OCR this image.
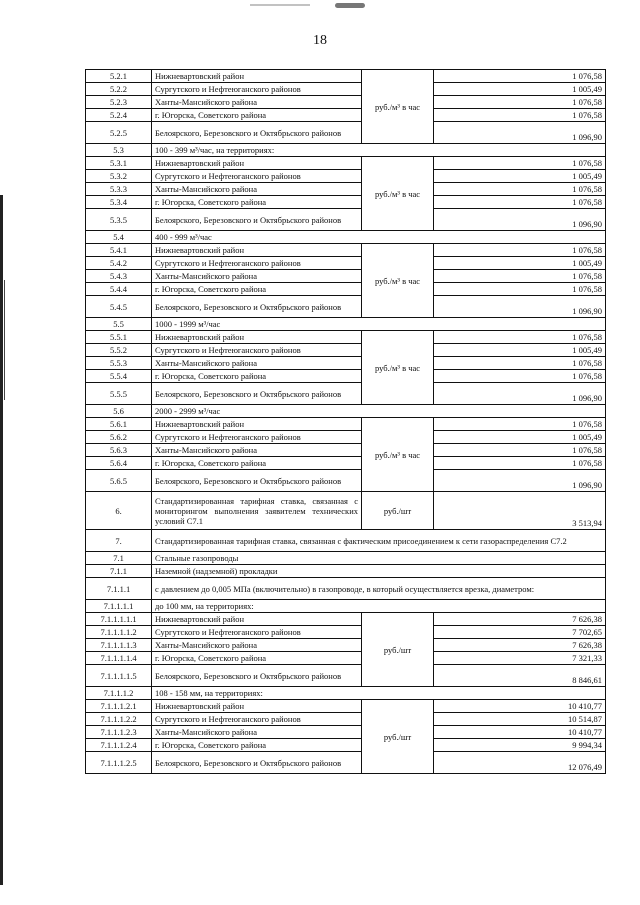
18
5.2.1	Нижневартовский район	руб./м³ в час	1 076,58
5.2.2	Сургутского и Нефтеюганского районов		1 005,49
5.2.3	Ханты-Мансийского района		1 076,58
5.2.4	г. Югорска, Советского района		1 076,58
5.2.5	Белоярского, Березовского и Октябрьского районов		1 096,90
5.3	100 - 399 м³/час, на территориях:		
5.3.1	Нижневартовский район	руб./м³ в час	1 076,58
5.3.2	Сургутского и Нефтеюганского районов		1 005,49
5.3.3	Ханты-Мансийского района		1 076,58
5.3.4	г. Югорска, Советского района		1 076,58
5.3.5	Белоярского, Березовского и Октябрьского районов		1 096,90
5.4	400 - 999 м³/час		
5.4.1	Нижневартовский район	руб./м³ в час	1 076,58
5.4.2	Сургутского и Нефтеюганского районов		1 005,49
5.4.3	Ханты-Мансийского района		1 076,58
5.4.4	г. Югорска, Советского района		1 076,58
5.4.5	Белоярского, Березовского и Октябрьского районов		1 096,90
5.5	1000 - 1999 м³/час		
5.5.1	Нижневартовский район	руб./м³ в час	1 076,58
5.5.2	Сургутского и Нефтеюганского районов		1 005,49
5.5.3	Ханты-Мансийского района		1 076,58
5.5.4	г. Югорска, Советского района		1 076,58
5.5.5	Белоярского, Березовского и Октябрьского районов		1 096,90
5.6	2000 - 2999 м³/час		
5.6.1	Нижневартовский район	руб./м³ в час	1 076,58
5.6.2	Сургутского и Нефтеюганского районов		1 005,49
5.6.3	Ханты-Мансийского района		1 076,58
5.6.4	г. Югорска, Советского района		1 076,58
5.6.5	Белоярского, Березовского и Октябрьского районов		1 096,90
6.	Стандартизированная тарифная ставка, связанная с мониторингом выполнения заявителем технических условий С7.1	руб./шт	3 513,94
7.	Стандартизированная тарифная ставка, связанная с фактическим присоединением к сети газораспределения С7.2		
7.1	Стальные газопроводы		
7.1.1	Наземной (надземной) прокладки		
7.1.1.1	с давлением до 0,005 МПа (включительно) в газопроводе, в который осуществляется врезка, диаметром:		
7.1.1.1.1	до 100 мм, на территориях:		
7.1.1.1.1.1	Нижневартовский район	руб./шт	7 626,38
7.1.1.1.1.2	Сургутского и Нефтеюганского районов		7 702,65
7.1.1.1.1.3	Ханты-Мансийского района		7 626,38
7.1.1.1.1.4	г. Югорска, Советского района		7 321,33
7.1.1.1.1.5	Белоярского, Березовского и Октябрьского районов		8 846,61
7.1.1.1.2	108 - 158 мм, на территориях:		
7.1.1.1.2.1	Нижневартовский район	руб./шт	10 410,77
7.1.1.1.2.2	Сургутского и Нефтеюганского районов		10 514,87
7.1.1.1.2.3	Ханты-Мансийского района		10 410,77
7.1.1.1.2.4	г. Югорска, Советского района		9 994,34
7.1.1.1.2.5	Белоярского, Березовского и Октябрьского районов		12 076,49
